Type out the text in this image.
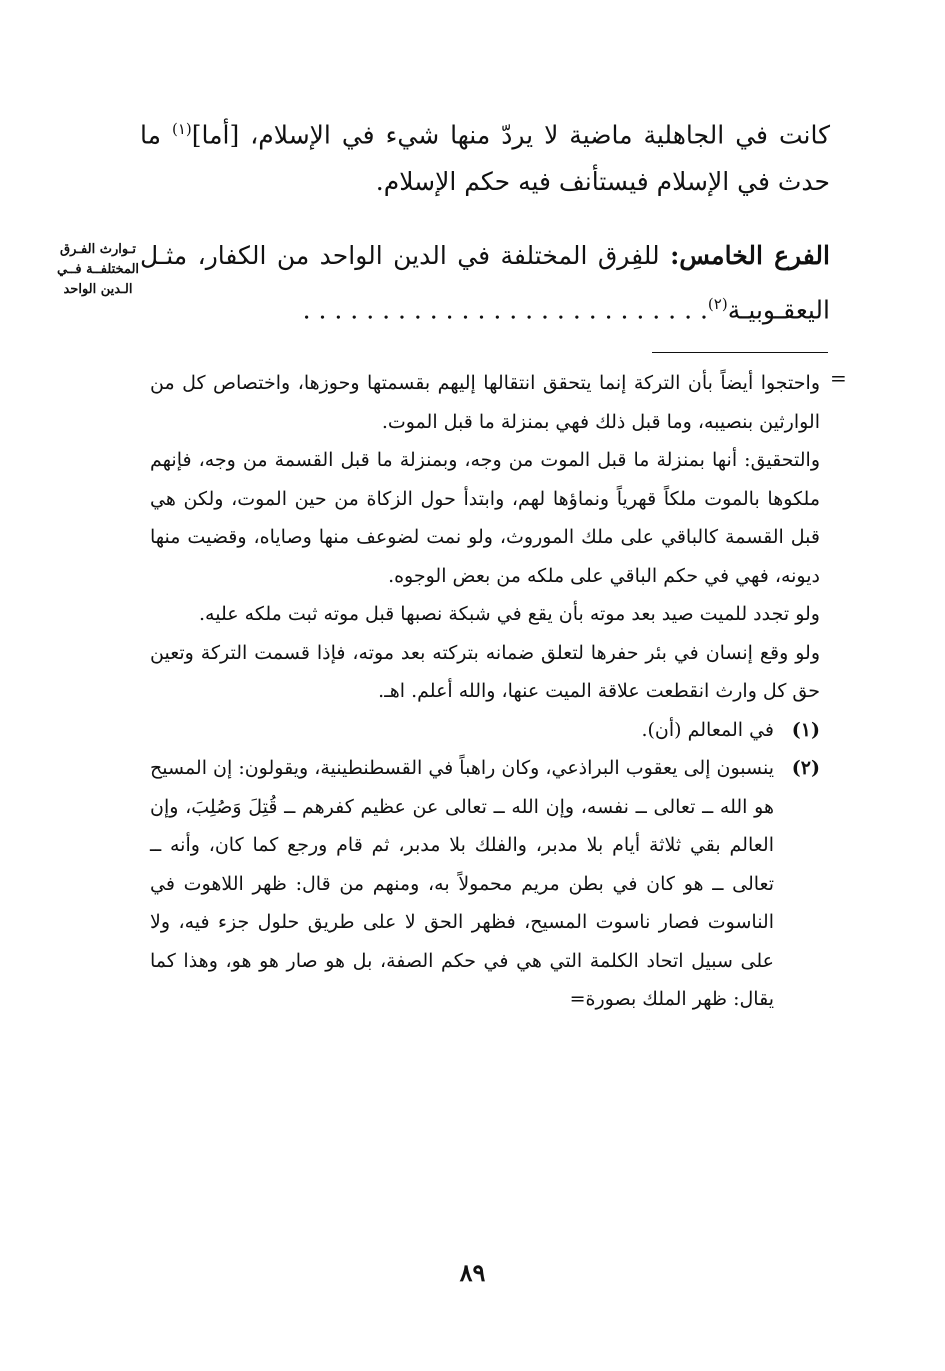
كانت في الجاهلية ماضية لا يردّ منها شيء في الإسلام، [أما]$^{(١)}$ ما حدث في الإسلام فيستأنف فيه حكم الإسلام.
الفرع الخامس: للفِرق المختلفة في الدين الواحد من الكفار، مثـل اليعقـوبيـة$^{(٢)}$. . . . . . . . . . . . . . . . . . . . . . . . . .
تـوارث الفـرق
المختلفــة فــي
الـدين الواحد
=

واحتجوا أيضاً بأن التركة إنما يتحقق انتقالها إليهم بقسمتها وحوزها، واختصاص كل من الوارثين بنصيبه، وما قبل ذلك فهي بمنزلة ما قبل الموت.

والتحقيق: أنها بمنزلة ما قبل الموت من وجه، وبمنزلة ما قبل القسمة من وجه، فإنهم ملكوها بالموت ملكاً قهرياً ونماؤها لهم، وابتدأ حول الزكاة من حين الموت، ولكن هي قبل القسمة كالباقي على ملك الموروث، ولو نمت لضوعف منها وصاياه، وقضيت منها ديونه، فهي في حكم الباقي على ملكه من بعض الوجوه.

ولو تجدد للميت صيد بعد موته بأن يقع في شبكة نصبها قبل موته ثبت ملكه عليه.

ولو وقع إنسان في بئر حفرها لتعلق ضمانه بتركته بعد موته، فإذا قسمت التركة وتعين حق كل وارث انقطعت علاقة الميت عنها، والله أعلم. اهـ.

(١)
في المعالم (أن).
(٢)
ينسبون إلى يعقوب البراذعي، وكان راهباً في القسطنطينية، ويقولون: إن المسيح هو الله ــ تعالى ــ نفسه، وإن الله ــ تعالى عن عظيم كفرهم ــ قُتِلَ وَصُلِبَ، وإن العالم بقي ثلاثة أيام بلا مدبر، والفلك بلا مدبر، ثم قام ورجع كما كان، وأنه ــ تعالى ــ هو كان في بطن مريم محمولاً به، ومنهم من قال: ظهر اللاهوت في الناسوت فصار ناسوت المسيح، فظهر الحق لا على طريق حلول جزء فيه، ولا على سبيل اتحاد الكلمة التي هي في حكم الصفة، بل هو صار هو هو، وهذا كما يقال: ظهر الملك بصورة=
٨٩
